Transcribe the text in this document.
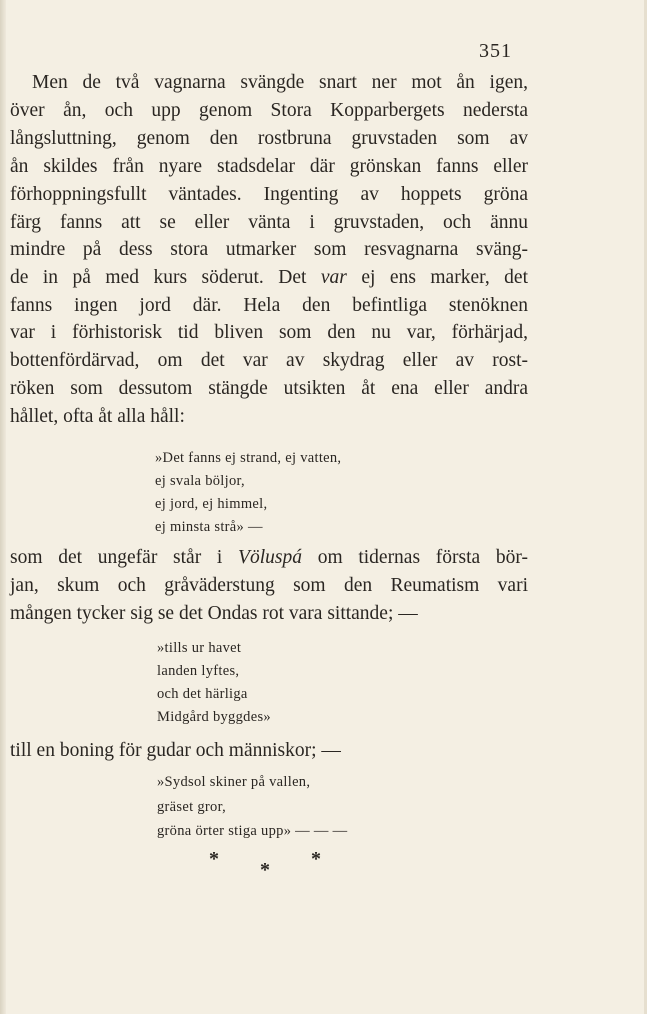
351
Men de två vagnarna svängde snart ner mot ån igen,
över ån, och upp genom Stora Kopparbergets nedersta
långsluttning, genom den rostbruna gruvstaden som av
ån skildes från nyare stadsdelar där grönskan fanns eller
förhoppningsfullt väntades. Ingenting av hoppets gröna
färg fanns att se eller vänta i gruvstaden, och ännu
mindre på dess stora utmarker som resvagnarna sväng-
de in på med kurs söderut. Det var ej ens marker, det
fanns ingen jord där. Hela den befintliga stenöknen
var i förhistorisk tid bliven som den nu var, förhärjad,
bottenfördärvad, om det var av skydrag eller av rost-
röken som dessutom stängde utsikten åt ena eller andra
hållet, ofta åt alla håll:
»Det fanns ej strand, ej vatten,
ej svala böljor,
ej jord, ej himmel,
ej minsta strå» —
som det ungefär står i Völuspá om tidernas första bör-
jan, skum och gråväderstung som den Reumatism vari
mången tycker sig se det Ondas rot vara sittande; —
»tills ur havet
landen lyftes,
och det härliga
Midgård byggdes»
till en boning för gudar och människor; —
»Sydsol skiner på vallen,
gräset gror,
gröna örter stiga upp» — — —
*	*
*
